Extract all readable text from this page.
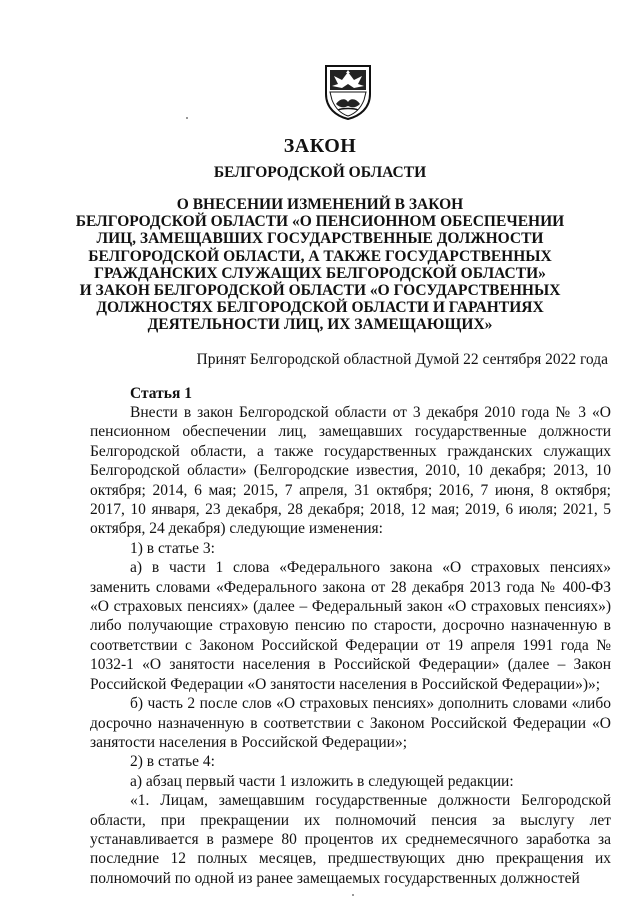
ЗАКОН
БЕЛГОРОДСКОЙ ОБЛАСТИ
О ВНЕСЕНИИ ИЗМЕНЕНИЙ В ЗАКОН
БЕЛГОРОДСКОЙ ОБЛАСТИ «О ПЕНСИОННОМ ОБЕСПЕЧЕНИИ
ЛИЦ, ЗАМЕЩАВШИХ ГОСУДАРСТВЕННЫЕ ДОЛЖНОСТИ
БЕЛГОРОДСКОЙ ОБЛАСТИ, А ТАКЖЕ ГОСУДАРСТВЕННЫХ
ГРАЖДАНСКИХ СЛУЖАЩИХ БЕЛГОРОДСКОЙ ОБЛАСТИ»
И ЗАКОН БЕЛГОРОДСКОЙ ОБЛАСТИ «О ГОСУДАРСТВЕННЫХ
ДОЛЖНОСТЯХ БЕЛГОРОДСКОЙ ОБЛАСТИ И ГАРАНТИЯХ
ДЕЯТЕЛЬНОСТИ ЛИЦ, ИХ ЗАМЕЩАЮЩИХ»
Принят Белгородской областной Думой 22 сентября 2022 года
Статья 1

Внести в закон Белгородской области от 3 декабря 2010 года № 3 «О пенсионном обеспечении лиц, замещавших государственные должности Белгородской области, а также государственных гражданских служащих Белгородской области» (Белгородские известия, 2010, 10 декабря; 2013, 10 октября; 2014, 6 мая; 2015, 7 апреля, 31 октября; 2016, 7 июня, 8 октября; 2017, 10 января, 23 декабря, 28 декабря; 2018, 12 мая; 2019, 6 июля; 2021, 5 октября, 24 декабря) следующие изменения:

1) в статье 3:

а) в части 1 слова «Федерального закона «О страховых пенсиях» заменить словами «Федерального закона от 28 декабря 2013 года № 400-ФЗ «О страховых пенсиях» (далее – Федеральный закон «О страховых пенсиях») либо получающие страховую пенсию по старости, досрочно назначенную в соответствии с Законом Российской Федерации от 19 апреля 1991 года № 1032-1 «О занятости населения в Российской Федерации» (далее – Закон Российской Федерации «О занятости населения в Российской Федерации»)»;

б) часть 2 после слов «О страховых пенсиях» дополнить словами «либо досрочно назначенную в соответствии с Законом Российской Федерации «О занятости населения в Российской Федерации»;

2) в статье 4:

а) абзац первый части 1 изложить в следующей редакции:

«1. Лицам, замещавшим государственные должности Белгородской области, при прекращении их полномочий пенсия за выслугу лет устанавливается в размере 80 процентов их среднемесячного заработка за последние 12 полных месяцев, предшествующих дню прекращения их полномочий по одной из ранее замещаемых государственных должностей
